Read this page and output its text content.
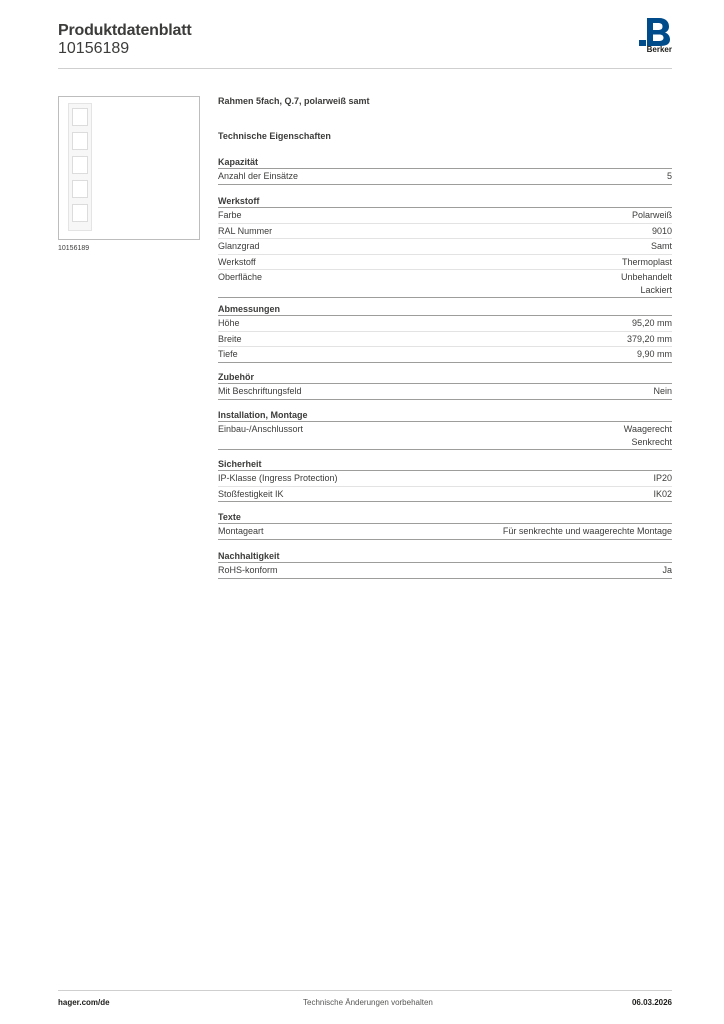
Produktdatenblatt
10156189	Berker
10156189
Rahmen 5fach, Q.7, polarweiß samt
Technische Eigenschaften
Kapazität
Anzahl der Einsätze	5
Werkstoff
Farbe	Polarweiß
RAL Nummer	9010
Glanzgrad	Samt
Werkstoff	Thermoplast
Oberfläche	Unbehandelt
Lackiert
Abmessungen
Höhe	95,20 mm
Breite	379,20 mm
Tiefe	9,90 mm
Zubehör
Mit Beschriftungsfeld	Nein
Installation, Montage
Einbau-/Anschlussort	Waagerecht
Senkrecht
Sicherheit
IP-Klasse (Ingress Protection)	IP20
Stoßfestigkeit IK	IK02
Texte
Montageart	Für senkrechte und waagerechte Montage
Nachhaltigkeit
RoHS-konform	Ja
hager.com/de	Technische Änderungen vorbehalten	06.03.2026
